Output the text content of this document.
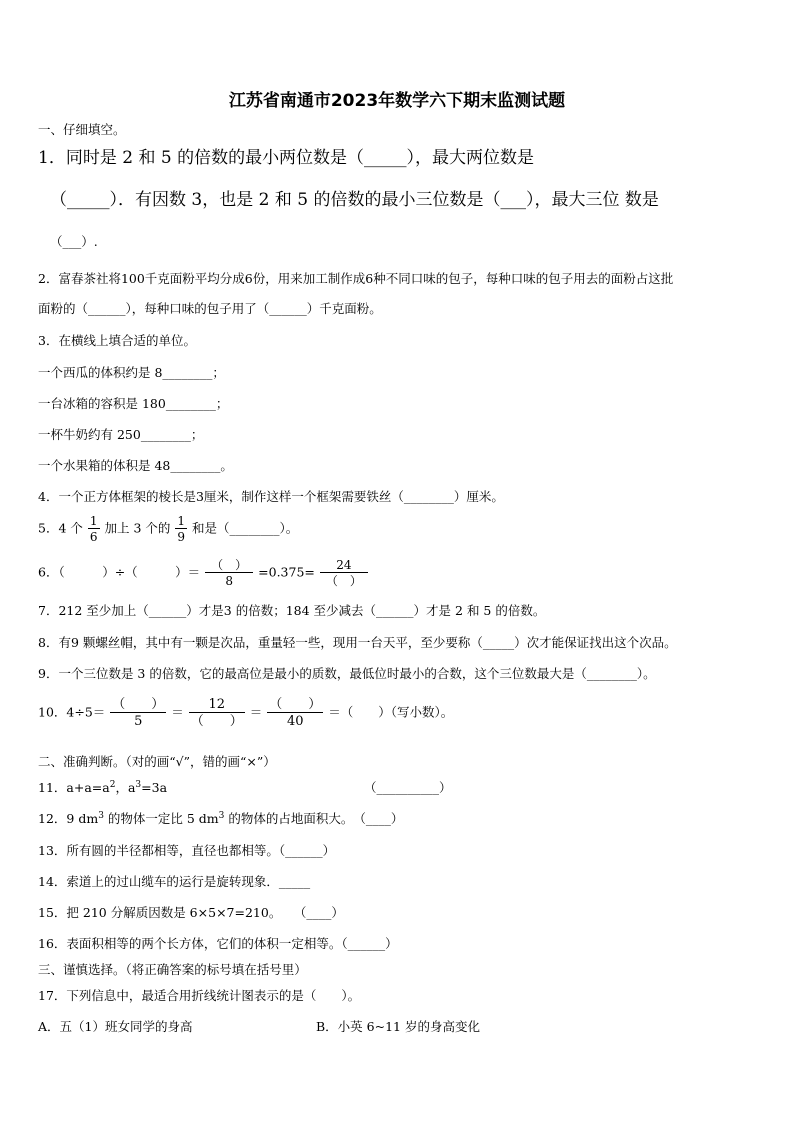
江苏省南通市2023年数学六下期末监测试题
一、仔细填空。
1．同时是 2 和 5 的倍数的最小两位数是（_____），最大两位数是
（_____）．有因数 3，也是 2 和 5 的倍数的最小三位数是（___），最大三位 数是
（___）.
2．富春茶社将100千克面粉平均分成6份，用来加工制作成6种不同口味的包子，每种口味的包子用去的面粉占这批
面粉的（______），每种口味的包子用了（______）千克面粉。
3．在横线上填合适的单位。
一个西瓜的体积约是 8________；
一台冰箱的容积是 180________；
一杯牛奶约有 250________；
一个水果箱的体积是 48________。
4．一个正方体框架的棱长是3厘米，制作这样一个框架需要铁丝（________）厘米。
5．4 个 $\frac{1}{6}$ 加上 3 个的 $\frac{1}{9}$ 和是（________）。
6．（　　　）÷（　　　）＝ $\frac{( )}{8} =0.375= \frac{24}{( )}$
7．212 至少加上（______）才是3 的倍数；184 至少减去（______）才是 2 和 5 的倍数。
8．有9 颗螺丝帽，其中有一颗是次品，重量轻一些，现用一台天平，至少要称（_____）次才能保证找出这个次品。
9．一个三位数是 3 的倍数，它的最高位是最小的质数，最低位时最小的合数，这个三位数最大是（________）。
10．$4\div 5= \frac{( )}{5} = \frac{12}{( )} = \frac{( )}{40}$ ＝（　　）（写小数）。
二、准确判断。（对的画“√”，错的画“×”）
11．$a+a=a^2$，$a^3=3a$	（__________）
12．9 $dm^3$ 的物体一定比 5 $dm^3$ 的物体的占地面积大。　（____）
13．所有圆的半径都相等，直径也都相等。（______）
14．索道上的过山缆车的运行是旋转现象．_____
15．把 210 分解质因数是 6×5×7=210。　　（____）
16．表面积相等的两个长方体，它们的体积一定相等。（______）
三、谨慎选择。（将正确答案的标号填在括号里）
17．下列信息中，最适合用折线统计图表示的是（　　）。
A．五（1）班女同学的身高	B．小英 6~11 岁的身高变化
